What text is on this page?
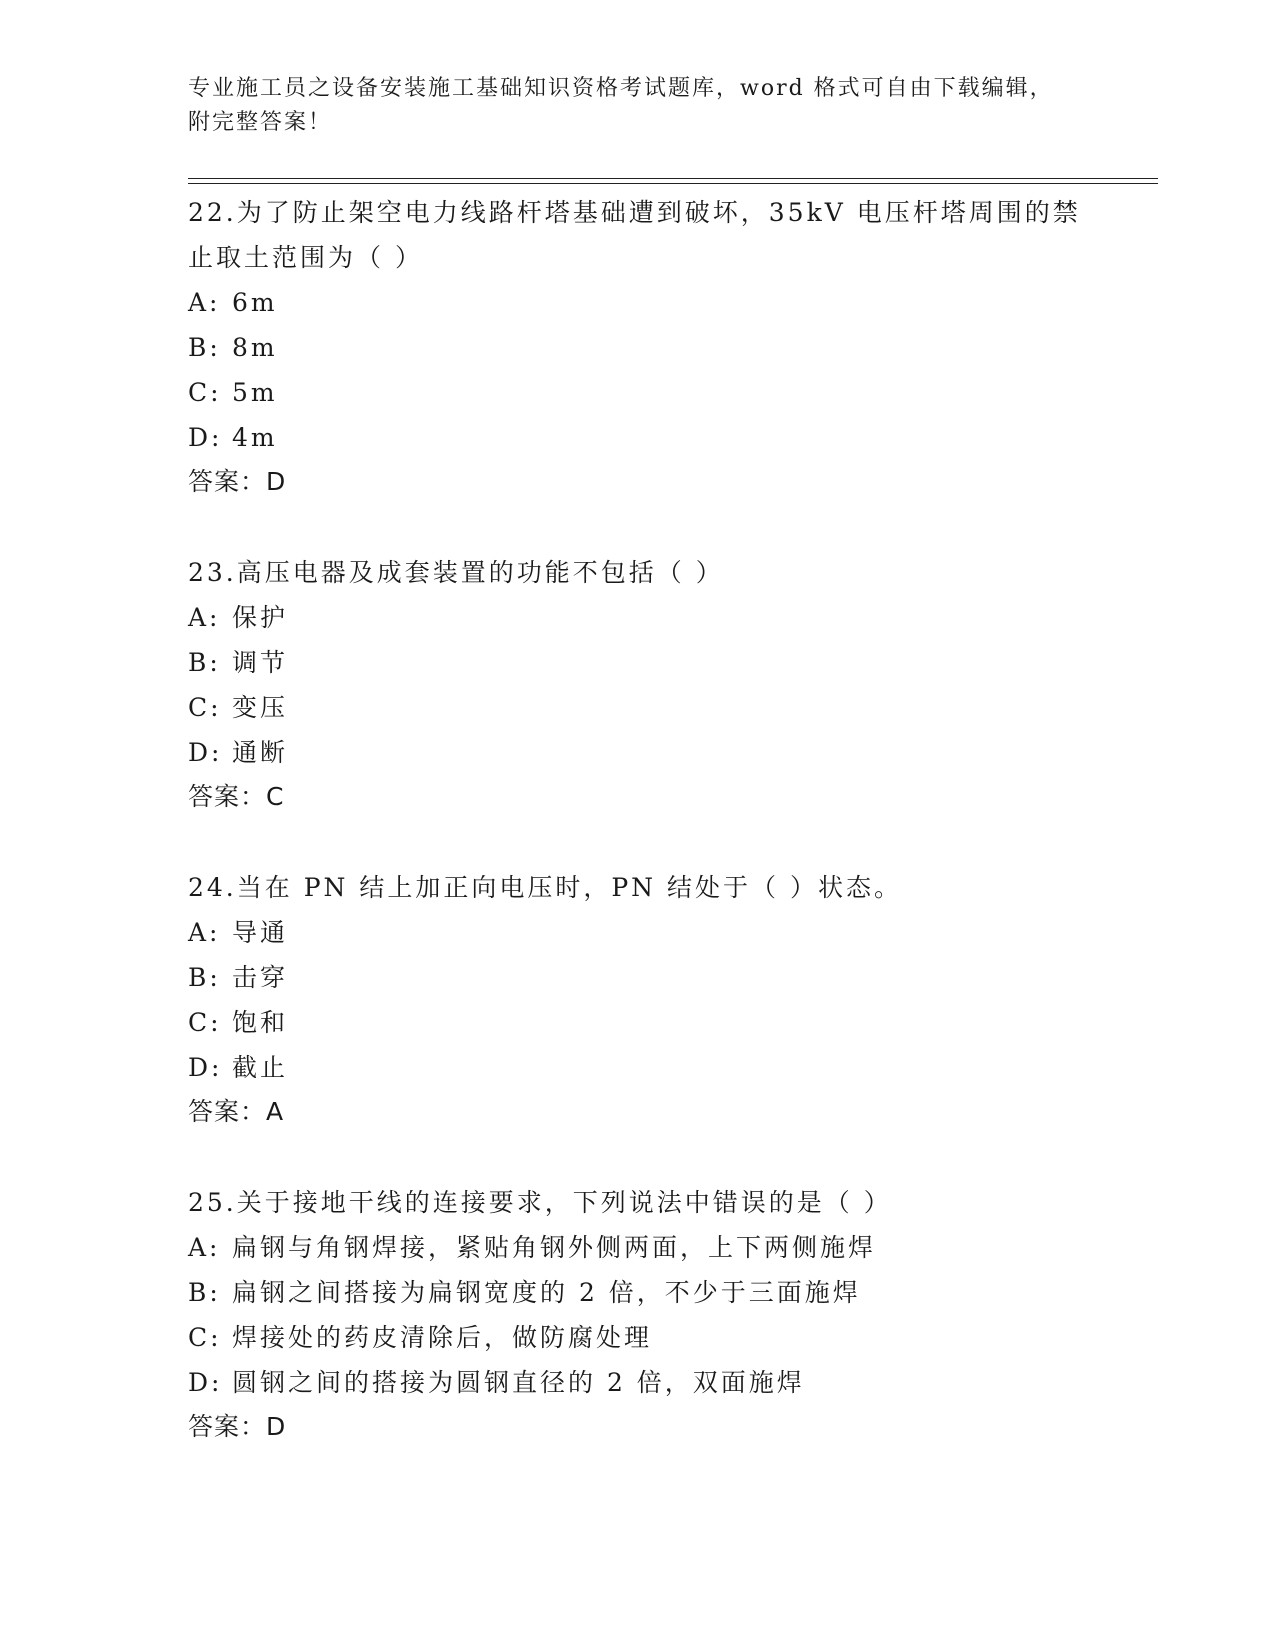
专业施工员之设备安装施工基础知识资格考试题库，word 格式可自由下载编辑，
附完整答案！

22.为了防止架空电力线路杆塔基础遭到破坏，35kV 电压杆塔周围的禁止取土范围为（ ）

A: 6m
B: 8m
C: 5m
D: 4m
答案：D

23.高压电器及成套装置的功能不包括（ ）

A: 保护
B: 调节
C: 变压
D: 通断
答案：C

24.当在 PN 结上加正向电压时，PN 结处于（ ）状态。

A: 导通
B: 击穿
C: 饱和
D: 截止
答案：A

25.关于接地干线的连接要求，下列说法中错误的是（ ）

A: 扁钢与角钢焊接，紧贴角钢外侧两面，上下两侧施焊
B: 扁钢之间搭接为扁钢宽度的 2 倍，不少于三面施焊
C: 焊接处的药皮清除后，做防腐处理
D: 圆钢之间的搭接为圆钢直径的 2 倍，双面施焊
答案：D
